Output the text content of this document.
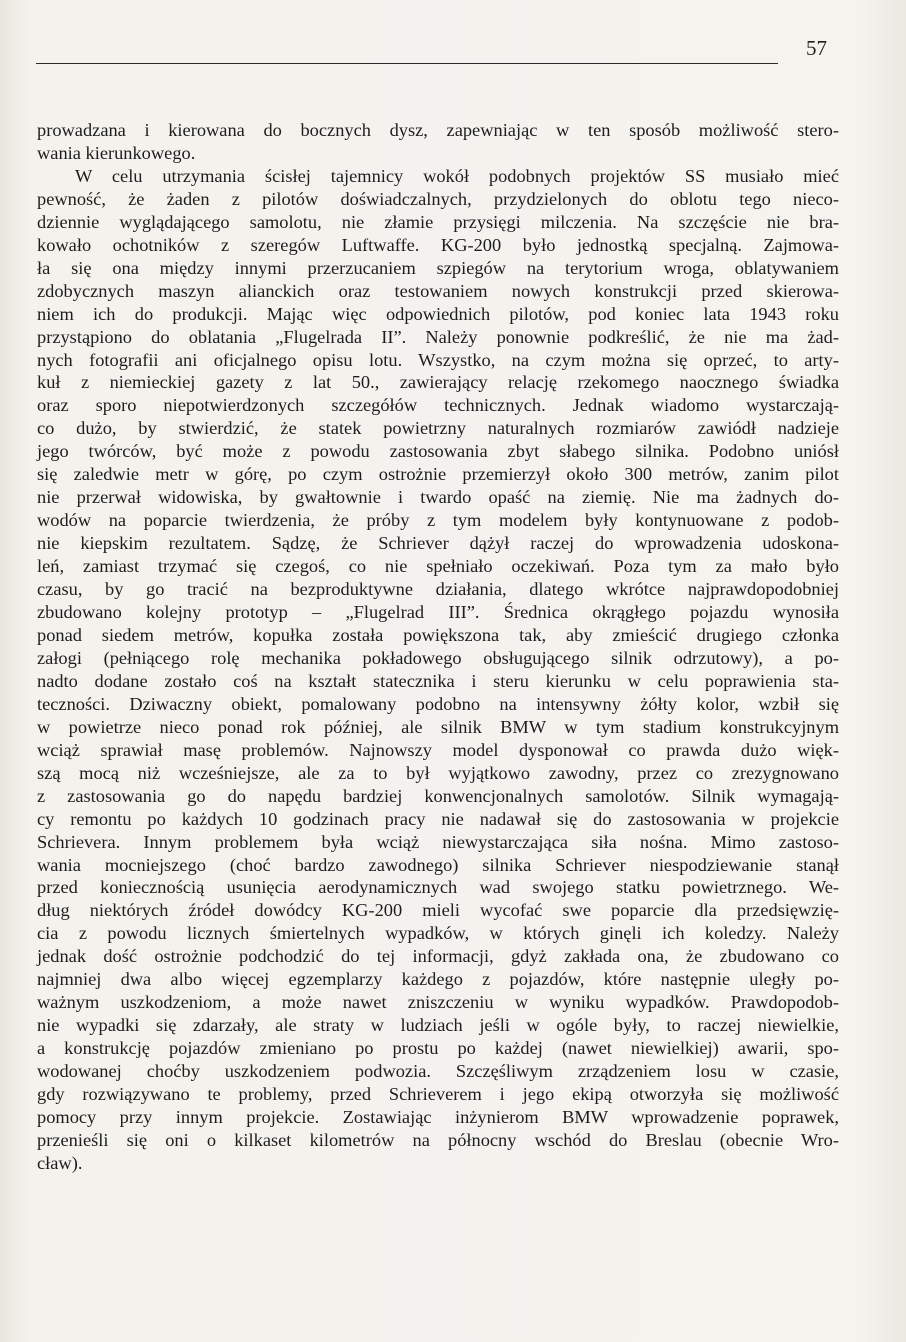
57
prowadzana i kierowana do bocznych dysz, zapewniając w ten sposób możliwość stero-
wania kierunkowego.
W celu utrzymania ścisłej tajemnicy wokół podobnych projektów SS musiało mieć
pewność, że żaden z pilotów doświadczalnych, przydzielonych do oblotu tego nieco-
dziennie wyglądającego samolotu, nie złamie przysięgi milczenia. Na szczęście nie bra-
kowało ochotników z szeregów Luftwaffe. KG-200 było jednostką specjalną. Zajmowa-
ła się ona między innymi przerzucaniem szpiegów na terytorium wroga, oblatywaniem
zdobycznych maszyn alianckich oraz testowaniem nowych konstrukcji przed skierowa-
niem ich do produkcji. Mając więc odpowiednich pilotów, pod koniec lata 1943 roku
przystąpiono do oblatania „Flugelrada II”. Należy ponownie podkreślić, że nie ma żad-
nych fotografii ani oficjalnego opisu lotu. Wszystko, na czym można się oprzeć, to arty-
kuł z niemieckiej gazety z lat 50., zawierający relację rzekomego naocznego świadka
oraz sporo niepotwierdzonych szczegółów technicznych. Jednak wiadomo wystarczają-
co dużo, by stwierdzić, że statek powietrzny naturalnych rozmiarów zawiódł nadzieje
jego twórców, być może z powodu zastosowania zbyt słabego silnika. Podobno uniósł
się zaledwie metr w górę, po czym ostrożnie przemierzył około 300 metrów, zanim pilot
nie przerwał widowiska, by gwałtownie i twardo opaść na ziemię. Nie ma żadnych do-
wodów na poparcie twierdzenia, że próby z tym modelem były kontynuowane z podob-
nie kiepskim rezultatem. Sądzę, że Schriever dążył raczej do wprowadzenia udoskona-
leń, zamiast trzymać się czegoś, co nie spełniało oczekiwań. Poza tym za mało było
czasu, by go tracić na bezproduktywne działania, dlatego wkrótce najprawdopodobniej
zbudowano kolejny prototyp – „Flugelrad III”. Średnica okrągłego pojazdu wynosiła
ponad siedem metrów, kopułka została powiększona tak, aby zmieścić drugiego członka
załogi (pełniącego rolę mechanika pokładowego obsługującego silnik odrzutowy), a po-
nadto dodane zostało coś na kształt statecznika i steru kierunku w celu poprawienia sta-
teczności. Dziwaczny obiekt, pomalowany podobno na intensywny żółty kolor, wzbił się
w powietrze nieco ponad rok później, ale silnik BMW w tym stadium konstrukcyjnym
wciąż sprawiał masę problemów. Najnowszy model dysponował co prawda dużo więk-
szą mocą niż wcześniejsze, ale za to był wyjątkowo zawodny, przez co zrezygnowano
z zastosowania go do napędu bardziej konwencjonalnych samolotów. Silnik wymagają-
cy remontu po każdych 10 godzinach pracy nie nadawał się do zastosowania w projekcie
Schrievera. Innym problemem była wciąż niewystarczająca siła nośna. Mimo zastoso-
wania mocniejszego (choć bardzo zawodnego) silnika Schriever niespodziewanie stanął
przed koniecznością usunięcia aerodynamicznych wad swojego statku powietrznego. We-
dług niektórych źródeł dowódcy KG-200 mieli wycofać swe poparcie dla przedsięwzię-
cia z powodu licznych śmiertelnych wypadków, w których ginęli ich koledzy. Należy
jednak dość ostrożnie podchodzić do tej informacji, gdyż zakłada ona, że zbudowano co
najmniej dwa albo więcej egzemplarzy każdego z pojazdów, które następnie uległy po-
ważnym uszkodzeniom, a może nawet zniszczeniu w wyniku wypadków. Prawdopodob-
nie wypadki się zdarzały, ale straty w ludziach jeśli w ogóle były, to raczej niewielkie,
a konstrukcję pojazdów zmieniano po prostu po każdej (nawet niewielkiej) awarii, spo-
wodowanej choćby uszkodzeniem podwozia. Szczęśliwym zrządzeniem losu w czasie,
gdy rozwiązywano te problemy, przed Schrieverem i jego ekipą otworzyła się możliwość
pomocy przy innym projekcie. Zostawiając inżynierom BMW wprowadzenie poprawek,
przenieśli się oni o kilkaset kilometrów na północny wschód do Breslau (obecnie Wro-
cław).
